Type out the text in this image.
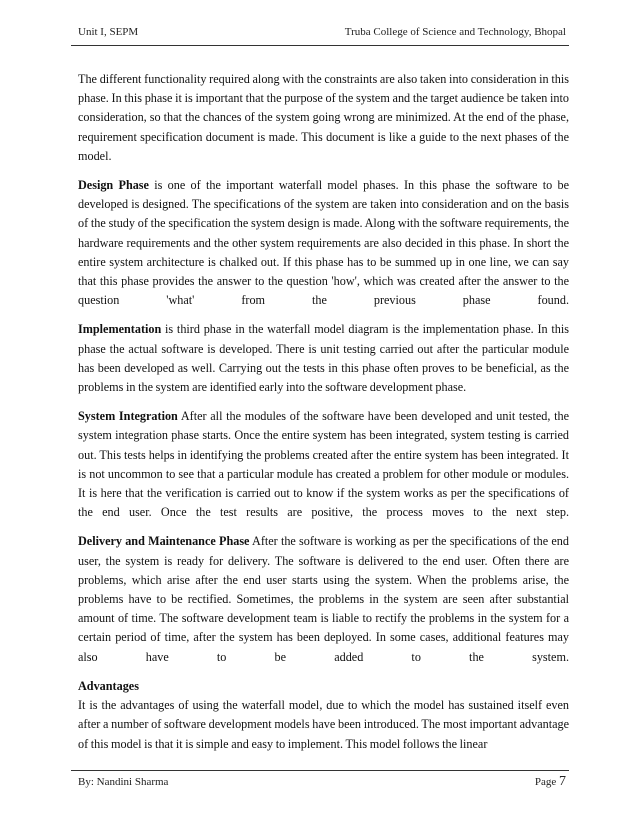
Unit I, SEPM	Truba College of Science and Technology, Bhopal

The different functionality required along with the constraints are also taken into consideration in this phase. In this phase it is important that the purpose of the system and the target audience be taken into consideration, so that the chances of the system going wrong are minimized. At the end of the phase, requirement specification document is made. This document is like a guide to the next phases of the model.

Design Phase is one of the important waterfall model phases. In this phase the software to be developed is designed. The specifications of the system are taken into consideration and on the basis of the study of the specification the system design is made. Along with the software requirements, the hardware requirements and the other system requirements are also decided in this phase. In short the entire system architecture is chalked out. If this phase has to be summed up in one line, we can say that this phase provides the answer to the question 'how', which was created after the answer to the question 'what' from the previous phase found.

Implementation is third phase in the waterfall model diagram is the implementation phase. In this phase the actual software is developed. There is unit testing carried out after the particular module has been developed as well. Carrying out the tests in this phase often proves to be beneficial, as the problems in the system are identified early into the software development phase.

System Integration After all the modules of the software have been developed and unit tested, the system integration phase starts. Once the entire system has been integrated, system testing is carried out. This tests helps in identifying the problems created after the entire system has been integrated. It is not uncommon to see that a particular module has created a problem for other module or modules. It is here that the verification is carried out to know if the system works as per the specifications of the end user. Once the test results are positive, the process moves to the next step.

Delivery and Maintenance Phase After the software is working as per the specifications of the end user, the system is ready for delivery. The software is delivered to the end user. Often there are problems, which arise after the end user starts using the system. When the problems arise, the problems have to be rectified. Sometimes, the problems in the system are seen after substantial amount of time. The software development team is liable to rectify the problems in the system for a certain period of time, after the system has been deployed. In some cases, additional features may also have to be added to the system.

Advantages

It is the advantages of using the waterfall model, due to which the model has sustained itself even after a number of software development models have been introduced. The most important advantage of this model is that it is simple and easy to implement. This model follows the linear

By: Nandini Sharma	Page 7
